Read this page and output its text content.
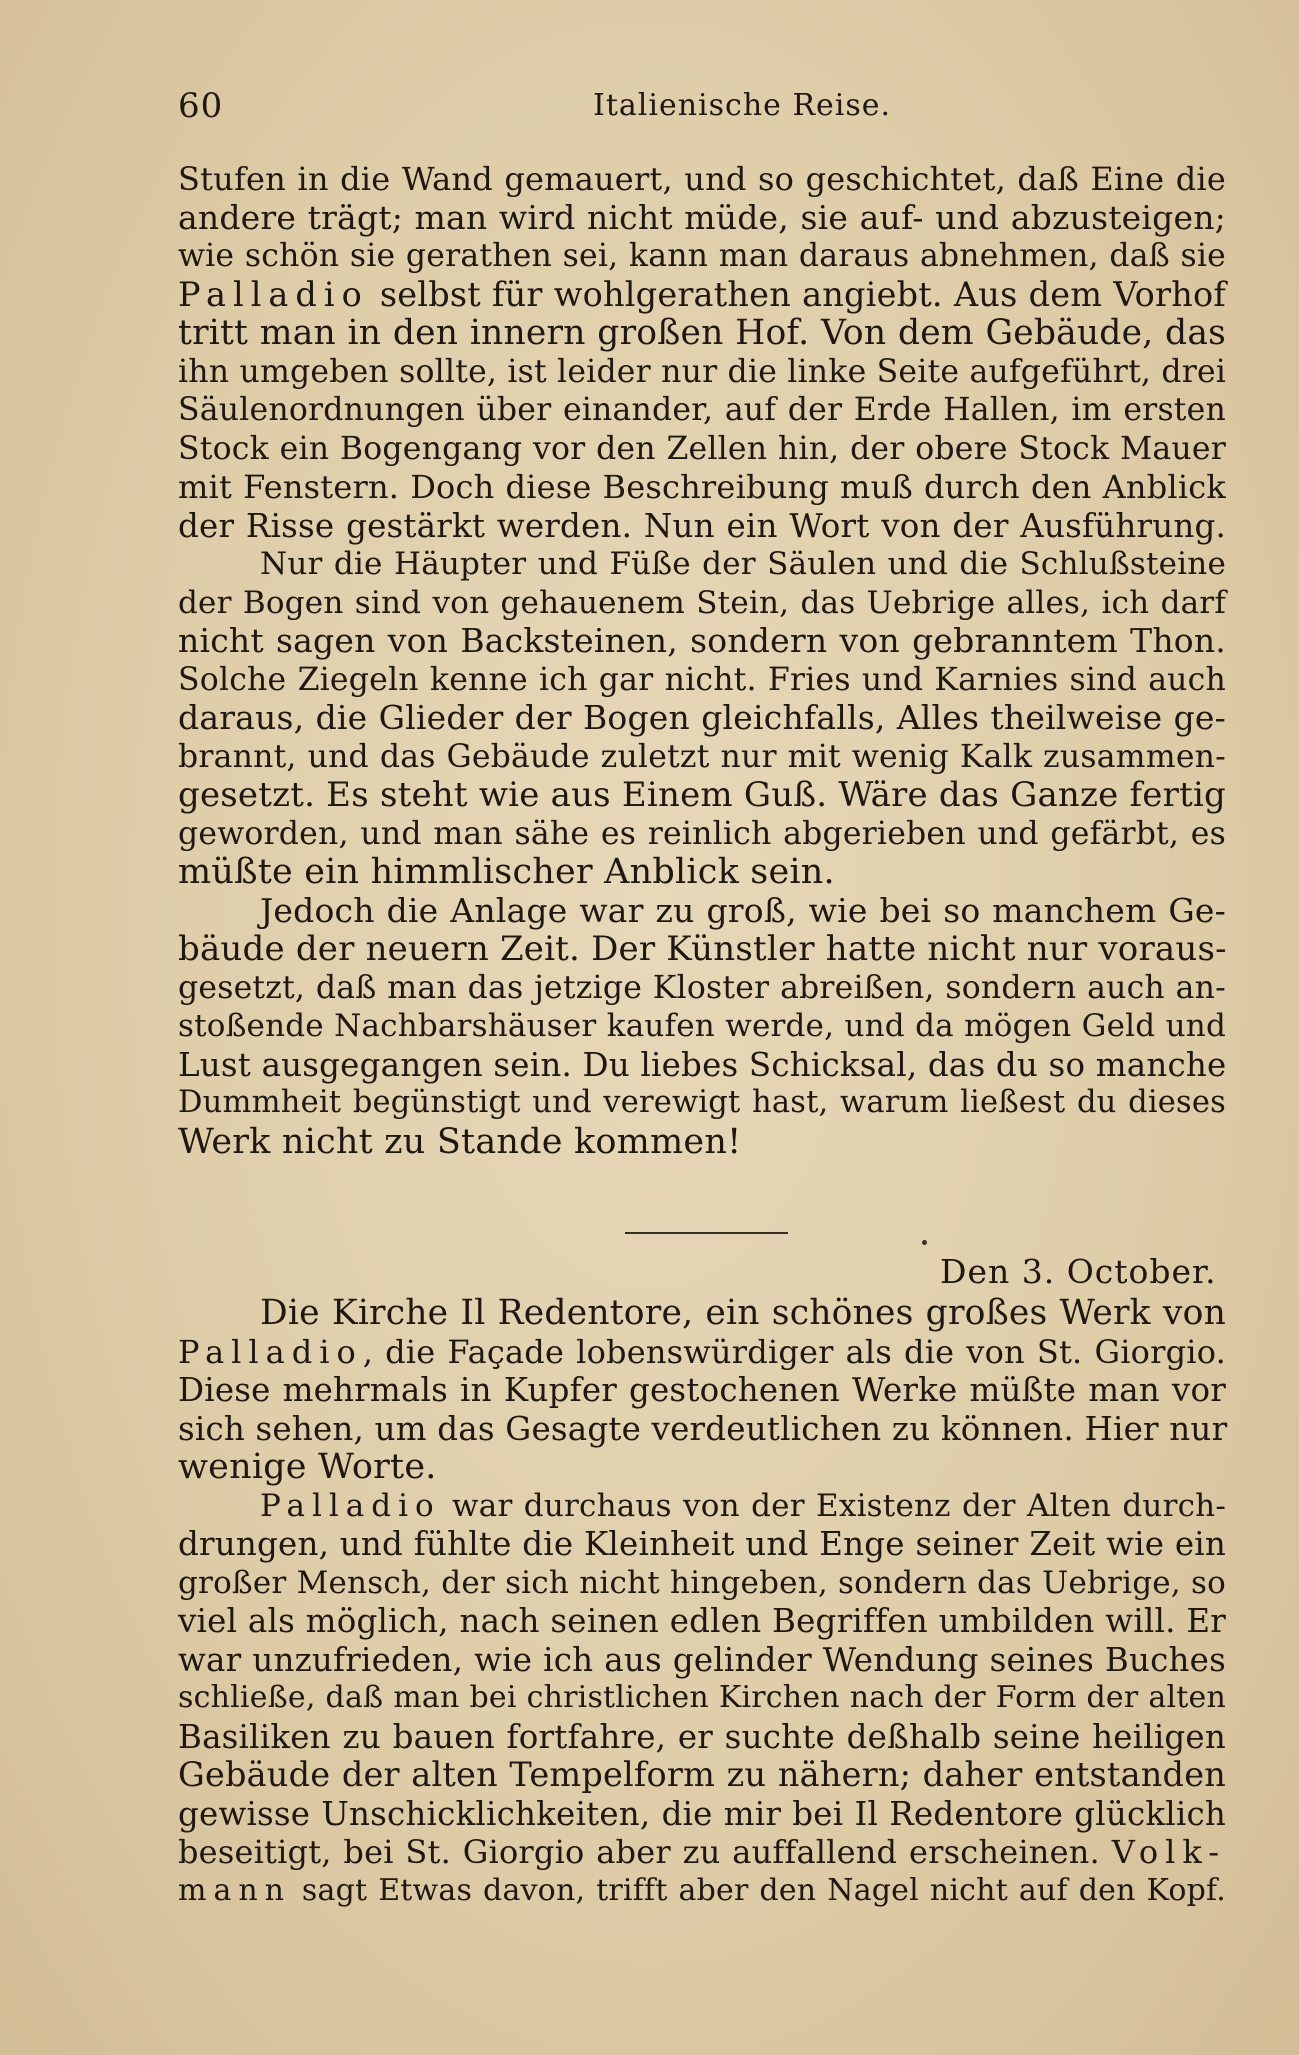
60	Italienische Reise.
Stufen in die Wand gemauert, und so geschichtet, daß Eine die
andere trägt; man wird nicht müde, sie auf- und abzusteigen;
wie schön sie gerathen sei, kann man daraus abnehmen, daß sie
Palladio selbst für wohlgerathen angiebt. Aus dem Vorhof
tritt man in den innern großen Hof. Von dem Gebäude, das
ihn umgeben sollte, ist leider nur die linke Seite aufgeführt, drei
Säulenordnungen über einander, auf der Erde Hallen, im ersten
Stock ein Bogengang vor den Zellen hin, der obere Stock Mauer
mit Fenstern. Doch diese Beschreibung muß durch den Anblick
der Risse gestärkt werden. Nun ein Wort von der Ausführung.
Nur die Häupter und Füße der Säulen und die Schlußsteine
der Bogen sind von gehauenem Stein, das Uebrige alles, ich darf
nicht sagen von Backsteinen, sondern von gebranntem Thon.
Solche Ziegeln kenne ich gar nicht. Fries und Karnies sind auch
daraus, die Glieder der Bogen gleichfalls, Alles theilweise ge-
brannt, und das Gebäude zuletzt nur mit wenig Kalk zusammen-
gesetzt. Es steht wie aus Einem Guß. Wäre das Ganze fertig
geworden, und man sähe es reinlich abgerieben und gefärbt, es
müßte ein himmlischer Anblick sein.
Jedoch die Anlage war zu groß, wie bei so manchem Ge-
bäude der neuern Zeit. Der Künstler hatte nicht nur voraus-
gesetzt, daß man das jetzige Kloster abreißen, sondern auch an-
stoßende Nachbarshäuser kaufen werde, und da mögen Geld und
Lust ausgegangen sein. Du liebes Schicksal, das du so manche
Dummheit begünstigt und verewigt hast, warum ließest du dieses
Werk nicht zu Stande kommen!
Den 3. October.
Die Kirche Il Redentore, ein schönes großes Werk von
Palladio, die Façade lobenswürdiger als die von St. Giorgio.
Diese mehrmals in Kupfer gestochenen Werke müßte man vor
sich sehen, um das Gesagte verdeutlichen zu können. Hier nur
wenige Worte.
Palladio war durchaus von der Existenz der Alten durch-
drungen, und fühlte die Kleinheit und Enge seiner Zeit wie ein
großer Mensch, der sich nicht hingeben, sondern das Uebrige, so
viel als möglich, nach seinen edlen Begriffen umbilden will. Er
war unzufrieden, wie ich aus gelinder Wendung seines Buches
schließe, daß man bei christlichen Kirchen nach der Form der alten
Basiliken zu bauen fortfahre, er suchte deßhalb seine heiligen
Gebäude der alten Tempelform zu nähern; daher entstanden
gewisse Unschicklichkeiten, die mir bei Il Redentore glücklich
beseitigt, bei St. Giorgio aber zu auffallend erscheinen. Volk-
mann sagt Etwas davon, trifft aber den Nagel nicht auf den Kopf.
